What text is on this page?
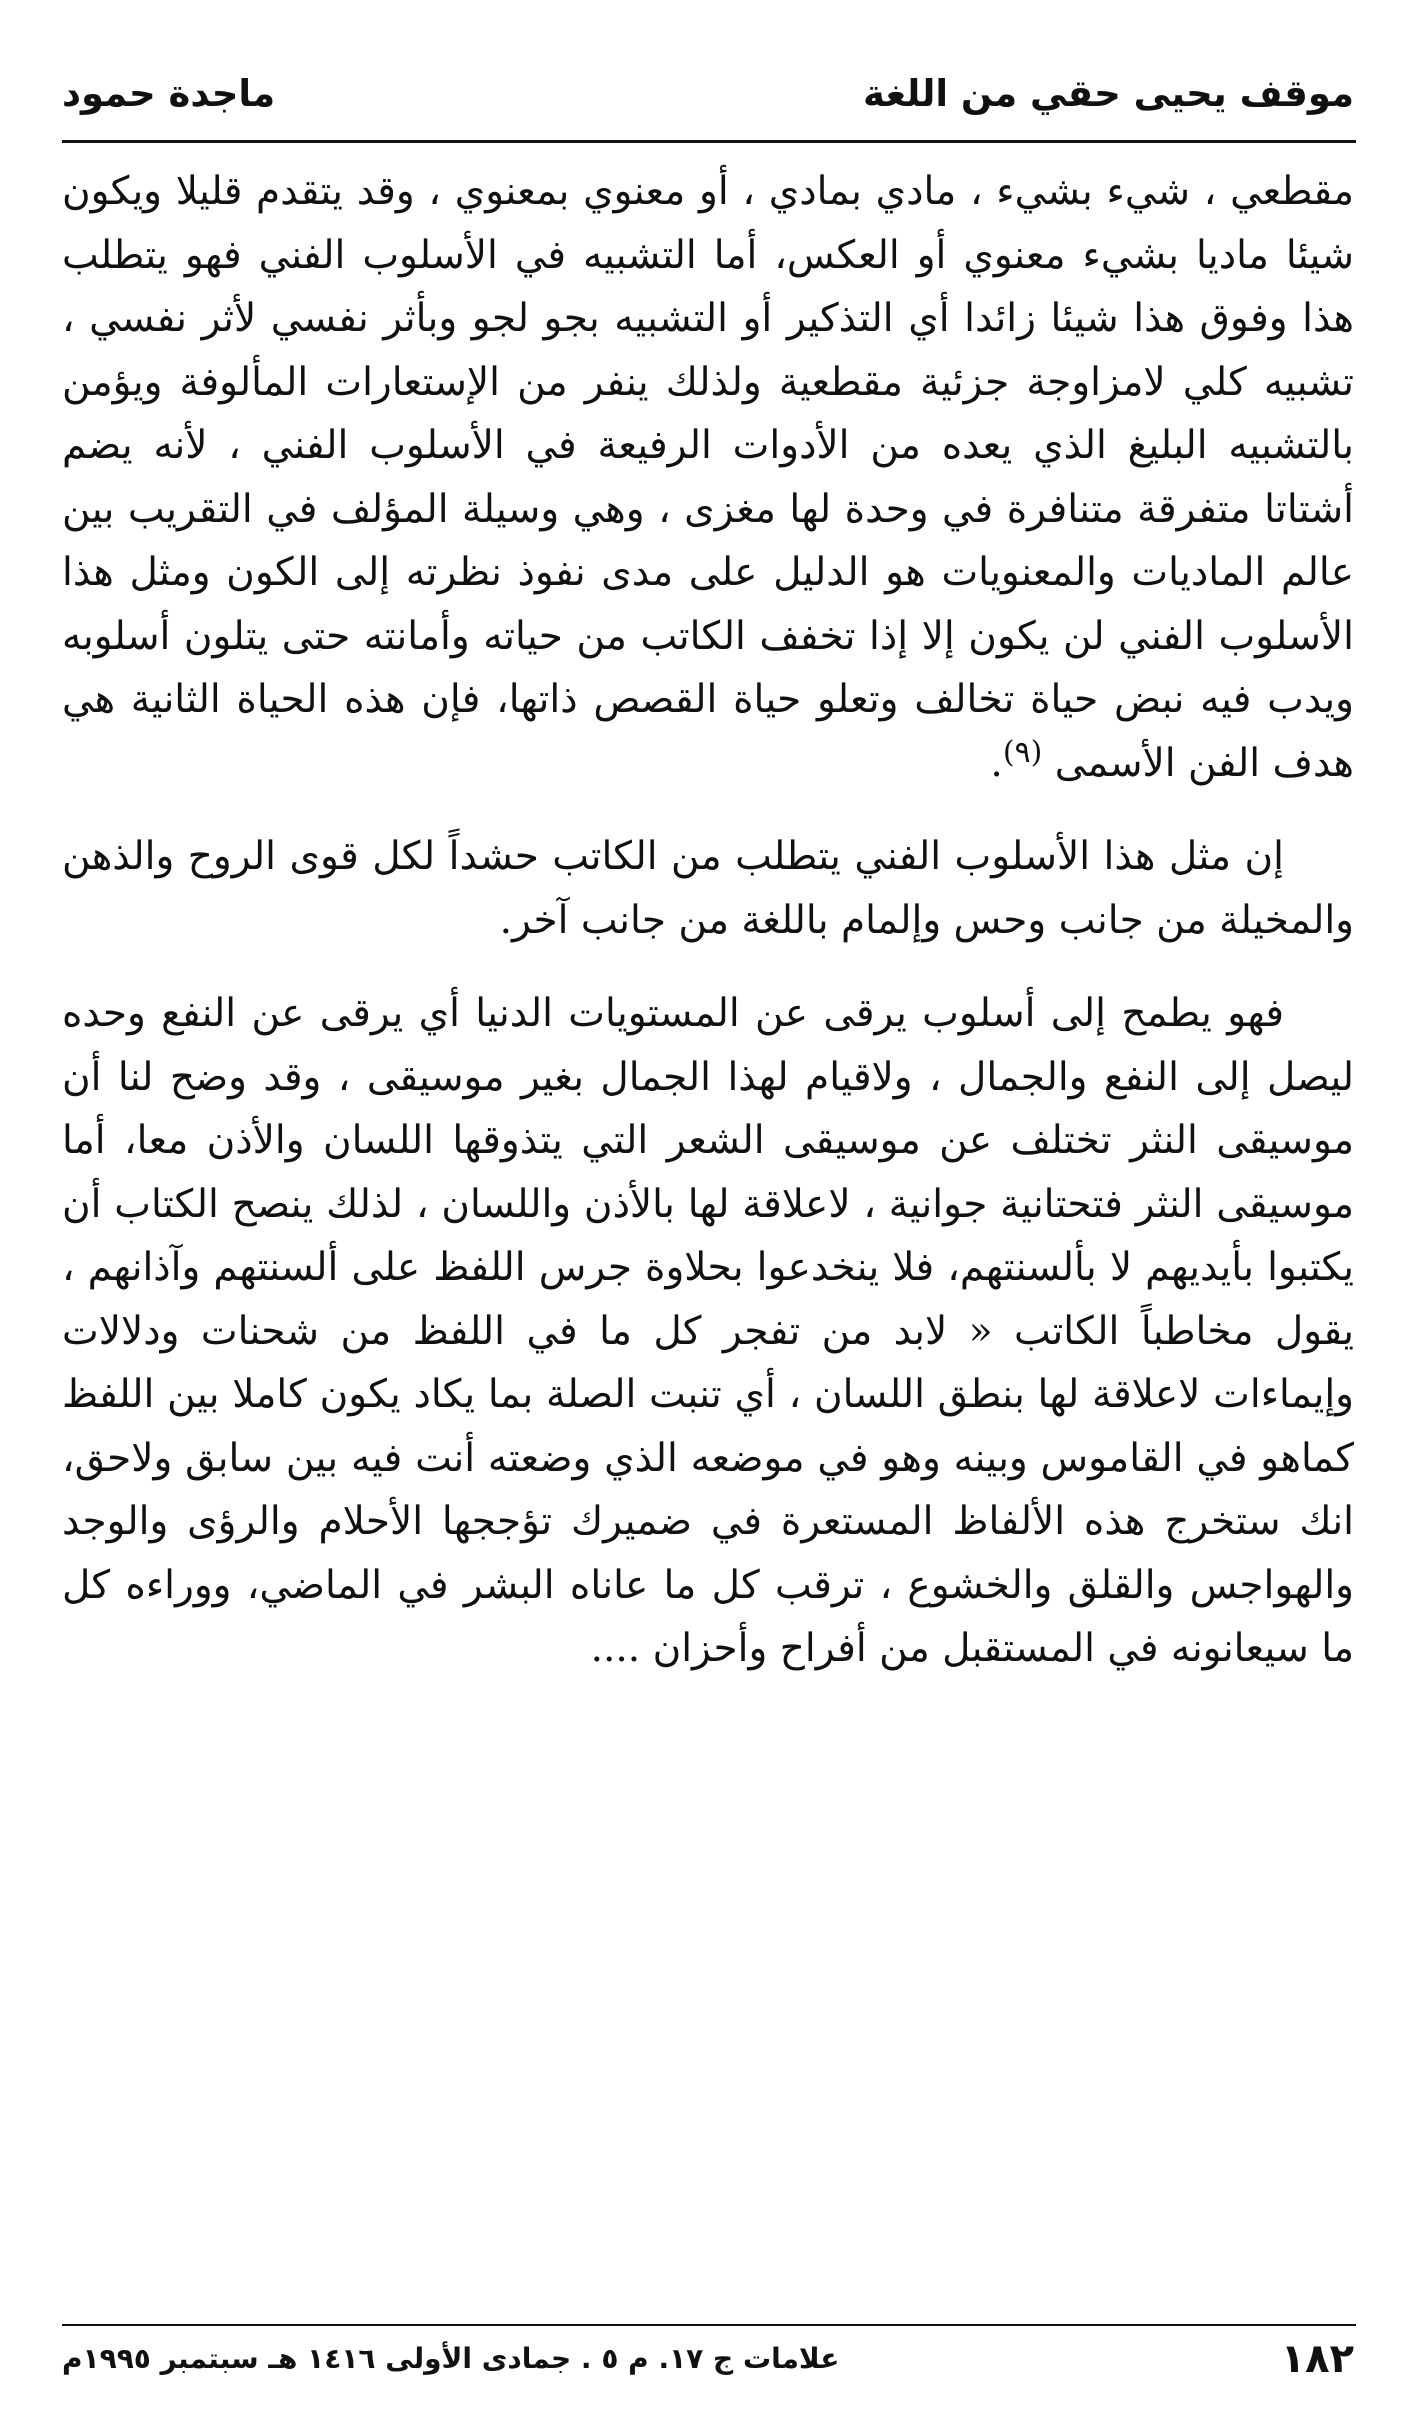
موقف يحيى حقي من اللغة
ماجدة حمود

مقطعي ، شيء بشيء ، مادي بمادي ، أو معنوي بمعنوي ، وقد يتقدم قليلا ويكون شيئا ماديا بشيء معنوي أو العكس، أما التشبيه في الأسلوب الفني فهو يتطلب هذا وفوق هذا شيئا زائدا أي التذكير أو التشبيه بجو لجو وبأثر نفسي لأثر نفسي ، تشبيه كلي لامزاوجة جزئية مقطعية ولذلك ينفر من الإستعارات المألوفة ويؤمن بالتشبيه البليغ الذي يعده من الأدوات الرفيعة في الأسلوب الفني ، لأنه يضم أشتاتا متفرقة متنافرة في وحدة لها مغزى ، وهي وسيلة المؤلف في التقريب بين عالم الماديات والمعنويات هو الدليل على مدى نفوذ نظرته إلى الكون ومثل هذا الأسلوب الفني لن يكون إلا إذا تخفف الكاتب من حياته وأمانته حتى يتلون أسلوبه ويدب فيه نبض حياة تخالف وتعلو حياة القصص ذاتها، فإن هذه الحياة الثانية هي هدف الفن الأسمى $^{(٩)}$.

إن مثل هذا الأسلوب الفني يتطلب من الكاتب حشداً لكل قوى الروح والذهن والمخيلة من جانب وحس وإلمام باللغة من جانب آخر.

فهو يطمح إلى أسلوب يرقى عن المستويات الدنيا أي يرقى عن النفع وحده ليصل إلى النفع والجمال ، ولاقيام لهذا الجمال بغير موسيقى ، وقد وضح لنا أن موسيقى النثر تختلف عن موسيقى الشعر التي يتذوقها اللسان والأذن معا، أما موسيقى النثر فتحتانية جوانية ، لاعلاقة لها بالأذن واللسان ، لذلك ينصح الكتاب أن يكتبوا بأيديهم لا بألسنتهم، فلا ينخدعوا بحلاوة جرس اللفظ على ألسنتهم وآذانهم ، يقول مخاطباً الكاتب « لابد من تفجر كل ما في اللفظ من شحنات ودلالات وإيماءات لاعلاقة لها بنطق اللسان ، أي تنبت الصلة بما يكاد يكون كاملا بين اللفظ كماهو في القاموس وبينه وهو في موضعه الذي وضعته أنت فيه بين سابق ولاحق، انك ستخرج هذه الألفاظ المستعرة في ضميرك تؤججها الأحلام والرؤى والوجد والهواجس والقلق والخشوع ، ترقب كل ما عاناه البشر في الماضي، ووراءه كل ما سيعانونه في المستقبل من أفراح وأحزان ....

١٨٢
علامات ج ١٧. م ٥ . جمادى الأولى ١٤١٦ هـ سبتمبر ١٩٩٥م
